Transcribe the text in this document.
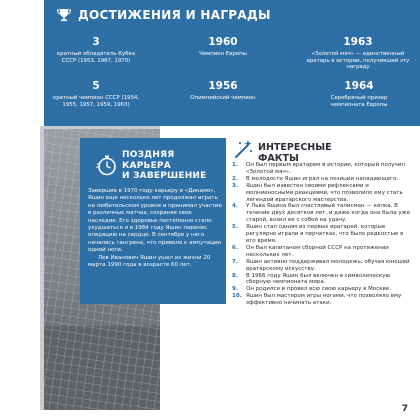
ДОСТИЖЕНИЯ И НАГРАДЫ
3
кратный обладатель Кубка СССР (1953, 1967, 1970)
1960
Чемпион Европы
1963
«Золотой мяч» — единственный вратарь в истории, получивший эту награду
5
кратный чемпион СССР (1954, 1955, 1957, 1959, 1963)
1956
Олимпийский чемпион
1964
Серебряный призер чемпионата Европы
ПОЗДНЯЯ
КАРЬЕРА
И ЗАВЕРШЕНИЕ

Завершив в 1970 году карьеру в «Динамо», Яшин еще несколько лет продолжал играть на любительском уровне и принимал участие в различных матчах, сохраняя свое наследие. Его здоровье постепенно стало ухудшаться и в 1984 году Яшин перенес операцию на сердце. В сентябре у него началась гангрена, что привело к ампутации одной ноги.

Лев Иванович Яшин ушел из жизни 20 марта 1990 года в возрасте 60 лет.

! ИНТЕРЕСНЫЕ
ФАКТЫ
1. Он был первым вратарем в истории, который получил «Золотой мяч».
2. В молодости Яшин играл на позиции нападающего.
3. Яшин был известен своими рефлексами и молниеносными реакциями, что позволило ему стать легендой вратарского мастерства.
4. У Льва Яшина был счастливый талисман — кепка. В течение двух десятков лет, и даже когда она была уже старой, возил ее с собой на удачу.
5. Яшин стал одним из первых вратарей, которые регулярно играли в перчатках, что было редкостью в его время.
6. Он был капитаном сборной СССР на протяжении нескольких лет.
7. Яшин активно поддерживал молодежь, обучая юношей вратарскому искусству.
8. В 1966 году Яшин был включен в символическую сборную чемпионата мира.
9. Он родился и провел всю свою карьеру в Москве.
10. Яшин был мастером игры ногами, что позволяло ему эффективно начинать атаки.
7
